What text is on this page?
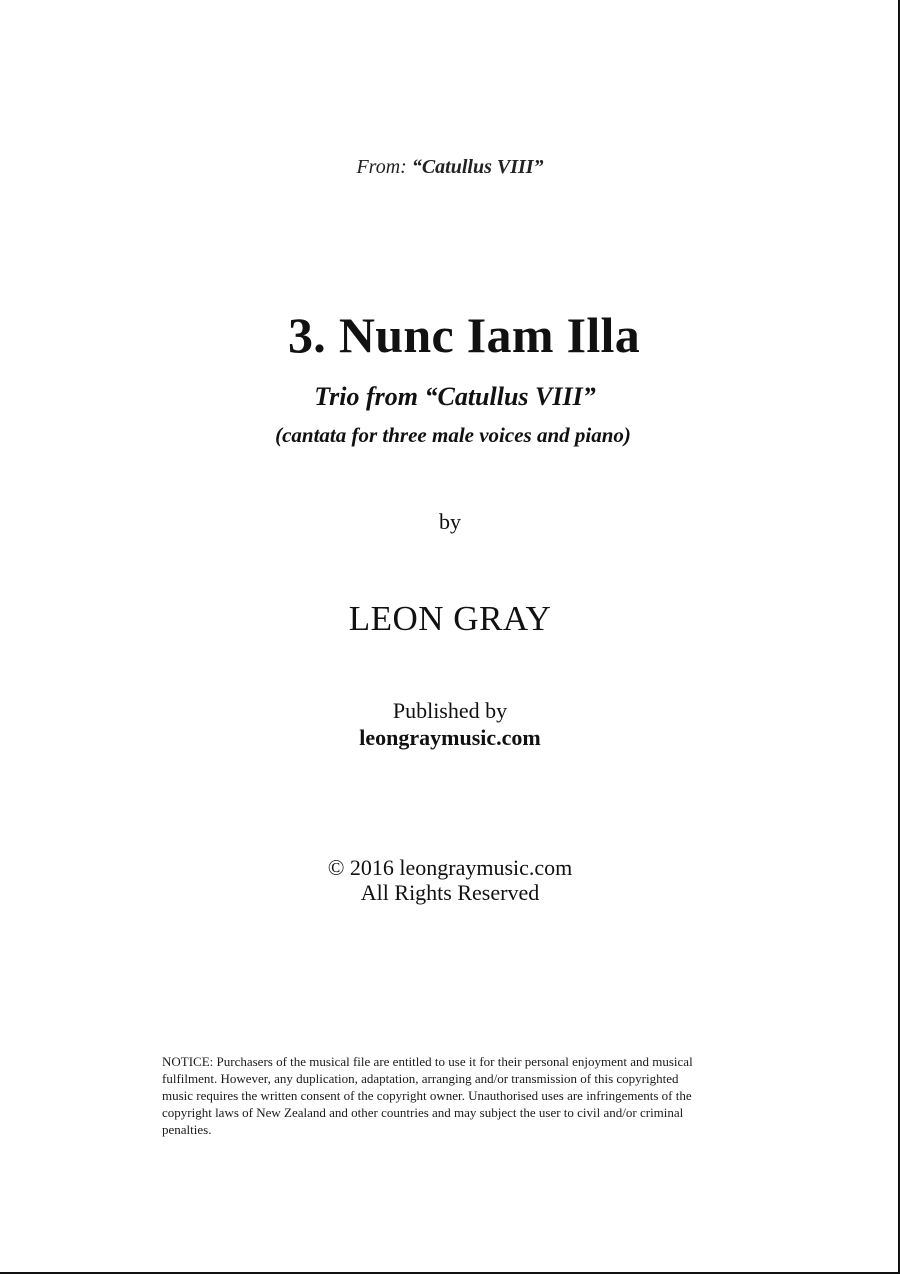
From: “Catullus VIII”
3. Nunc Iam Illa
Trio from “Catullus VIII”
(cantata for three male voices and piano)
by
LEON GRAY
Published by
leongraymusic.com
© 2016 leongraymusic.com
All Rights Reserved
NOTICE: Purchasers of the musical file are entitled to use it for their personal enjoyment and musical
fulfilment. However, any duplication, adaptation, arranging and/or transmission of this copyrighted
music requires the written consent of the copyright owner. Unauthorised uses are infringements of the
copyright laws of New Zealand and other countries and may subject the user to civil and/or criminal
penalties.
